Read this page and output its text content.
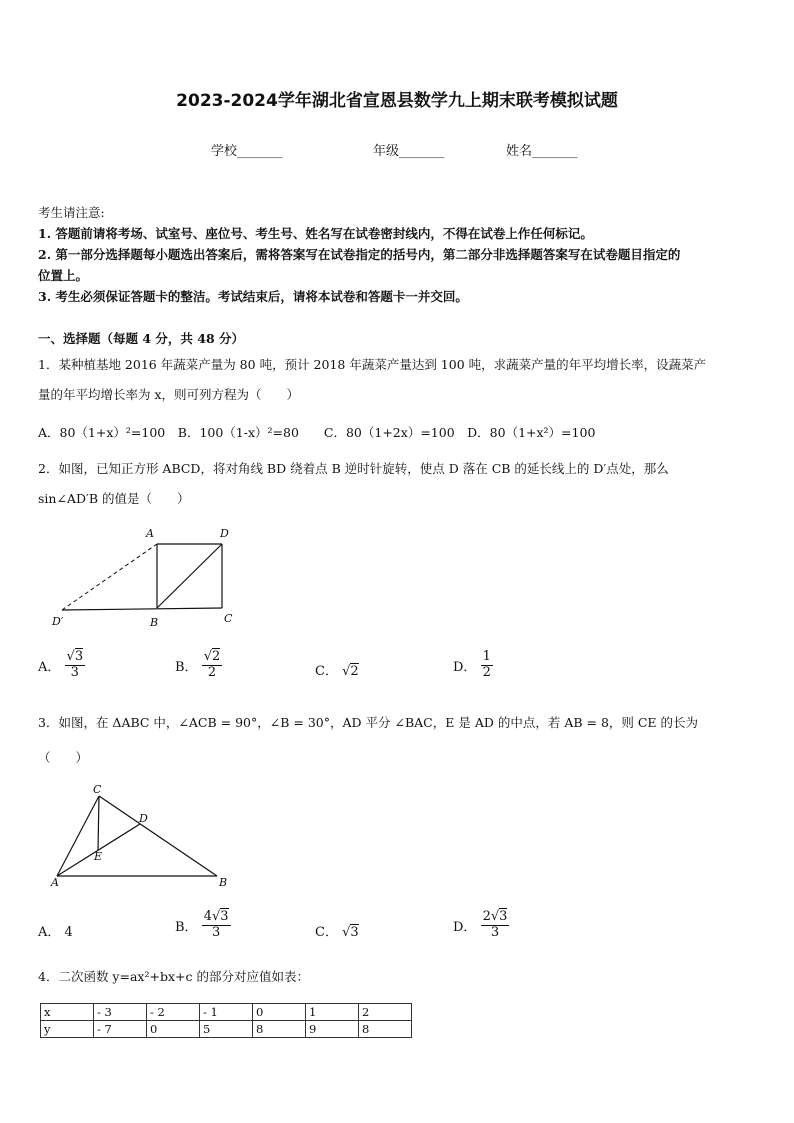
2023-2024学年湖北省宣恩县数学九上期末联考模拟试题
学校_______	年级_______	姓名_______
考生请注意:
1. 答题前请将考场、试室号、座位号、考生号、姓名写在试卷密封线内，不得在试卷上作任何标记。
2. 第一部分选择题每小题选出答案后，需将答案写在试卷指定的括号内，第二部分非选择题答案写在试卷题目指定的
位置上。
3. 考生必须保证答题卡的整洁。考试结束后，请将本试卷和答题卡一并交回。
一、选择题（每题 4 分，共 48 分）
1．某种植基地 2016 年蔬菜产量为 80 吨，预计 2018 年蔬菜产量达到 100 吨，求蔬菜产量的年平均增长率，设蔬菜产
量的年平均增长率为 x，则可列方程为（　　）
A．80（1+x）²=100　B．100（1-x）²=80　　C．80（1+2x）=100　D．80（1+x²）=100
2．如图，已知正方形 ABCD，将对角线 BD 绕着点 B 逆时针旋转，使点 D 落在 CB 的延长线上的 D′点处，那么
sin∠AD′B 的值是（　　）
A	D
D′	B	C
A． $\frac{√3}{3}$	B． $\frac{√2}{2}$	C． √2	D． $\frac{1}{2}$
3．如图，在 ΔABC 中，∠ACB = 90°，∠B = 30°，AD 平分 ∠BAC，E 是 AD 的中点，若 AB = 8，则 CE 的长为
（　　）
C
D
E
A	B
A． 4	B． $\frac{4√3}{3}$	C． √3	D． $\frac{2√3}{3}$
4．二次函数 y=ax²+bx+c 的部分对应值如表：
x	- 3	- 2	- 1	0	1	2
y	- 7	0	5	8	9	8
